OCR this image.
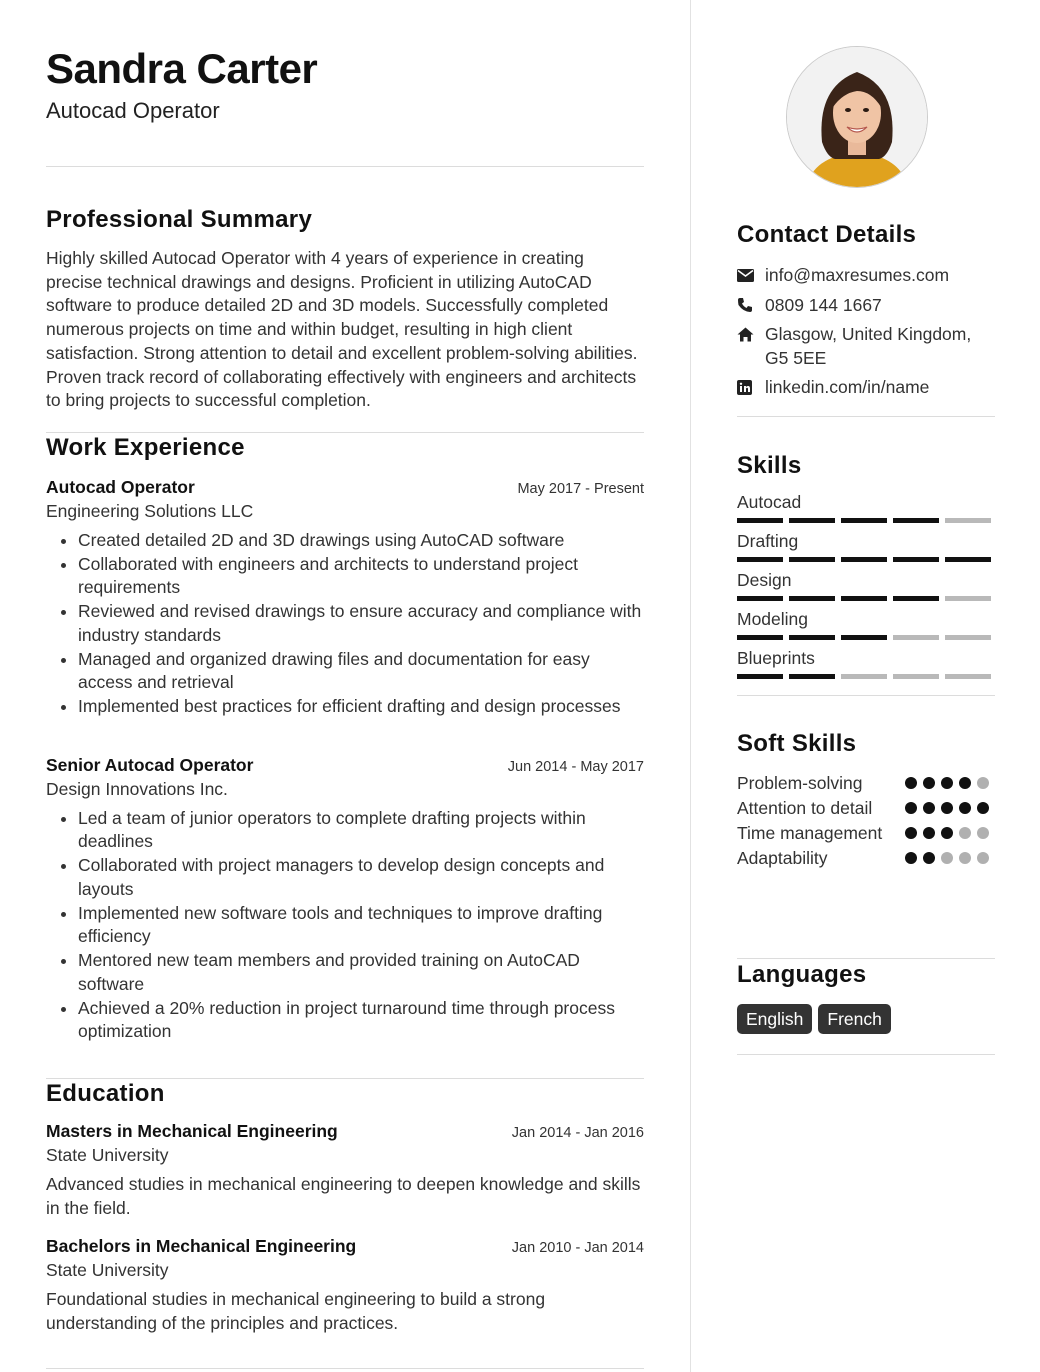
Sandra Carter
Autocad Operator
Professional Summary
Highly skilled Autocad Operator with 4 years of experience in creating precise technical drawings and designs. Proficient in utilizing AutoCAD software to produce detailed 2D and 3D models. Successfully completed numerous projects on time and within budget, resulting in high client satisfaction. Strong attention to detail and excellent problem-solving abilities. Proven track record of collaborating effectively with engineers and architects to bring projects to successful completion.
Work Experience
Autocad Operator	May 2017 - Present
Engineering Solutions LLC
• Created detailed 2D and 3D drawings using AutoCAD software
• Collaborated with engineers and architects to understand project requirements
• Reviewed and revised drawings to ensure accuracy and compliance with industry standards
• Managed and organized drawing files and documentation for easy access and retrieval
• Implemented best practices for efficient drafting and design processes
Senior Autocad Operator	Jun 2014 - May 2017
Design Innovations Inc.
• Led a team of junior operators to complete drafting projects within deadlines
• Collaborated with project managers to develop design concepts and layouts
• Implemented new software tools and techniques to improve drafting efficiency
• Mentored new team members and provided training on AutoCAD software
• Achieved a 20% reduction in project turnaround time through process optimization
Education
Masters in Mechanical Engineering	Jan 2014 - Jan 2016
State University
Advanced studies in mechanical engineering to deepen knowledge and skills in the field.
Bachelors in Mechanical Engineering	Jan 2010 - Jan 2014
State University
Foundational studies in mechanical engineering to build a strong understanding of the principles and practices.
Contact Details
info@maxresumes.com
0809 144 1667
Glasgow, United Kingdom, G5 5EE
linkedin.com/in/name
Skills
Autocad
Drafting
Design
Modeling
Blueprints
Soft Skills
Problem-solving
Attention to detail
Time management
Adaptability
Languages
English	French
